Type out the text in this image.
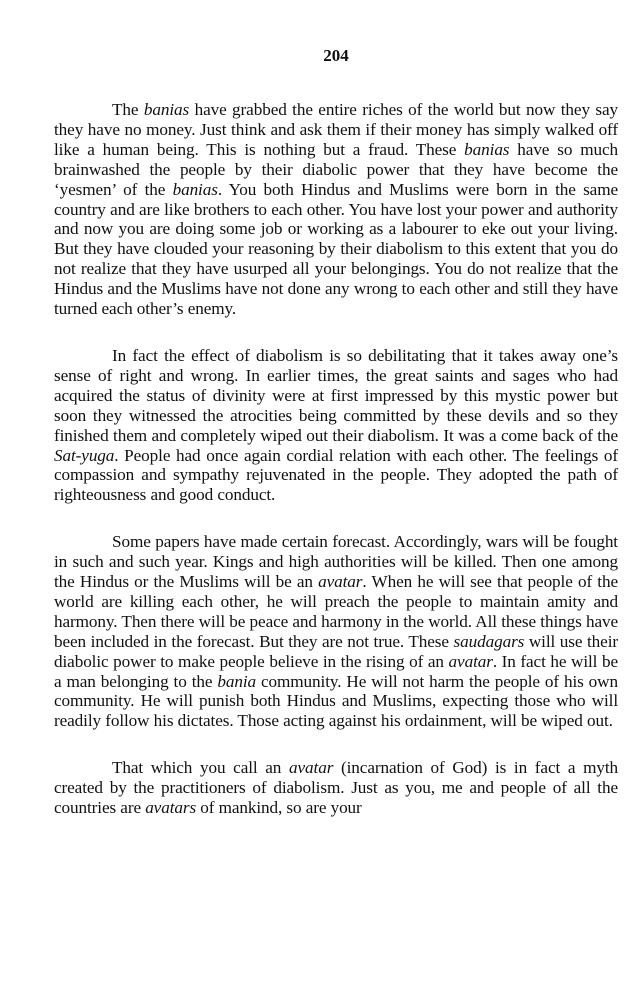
204

The banias have grabbed the entire riches of the world but now they say they have no money. Just think and ask them if their money has simply walked off like a human being. This is nothing but a fraud. These banias have so much brainwashed the people by their diabolic power that they have become the ‘yesmen’ of the banias. You both Hindus and Muslims were born in the same country and are like brothers to each other. You have lost your power and authority and now you are doing some job or working as a labourer to eke out your living. But they have clouded your reasoning by their diabolism to this extent that you do not realize that they have usurped all your belongings. You do not realize that the Hindus and the Muslims have not done any wrong to each other and still they have turned each other’s enemy.

In fact the effect of diabolism is so debilitating that it takes away one’s sense of right and wrong. In earlier times, the great saints and sages who had acquired the status of divinity were at first impressed by this mystic power but soon they witnessed the atrocities being committed by these devils and so they finished them and completely wiped out their diabolism. It was a come back of the Sat-yuga. People had once again cordial relation with each other. The feelings of compassion and sympathy rejuvenated in the people. They adopted the path of righteousness and good conduct.

Some papers have made certain forecast. Accordingly, wars will be fought in such and such year. Kings and high authorities will be killed. Then one among the Hindus or the Muslims will be an avatar. When he will see that people of the world are killing each other, he will preach the people to maintain amity and harmony. Then there will be peace and harmony in the world. All these things have been included in the forecast. But they are not true. These saudagars will use their diabolic power to make people believe in the rising of an avatar. In fact he will be a man belonging to the bania community. He will not harm the people of his own community. He will punish both Hindus and Muslims, expecting those who will readily follow his dictates. Those acting against his ordainment, will be wiped out.

That which you call an avatar (incarnation of God) is in fact a myth created by the practitioners of diabolism. Just as you, me and people of all the countries are avatars of mankind, so are your
